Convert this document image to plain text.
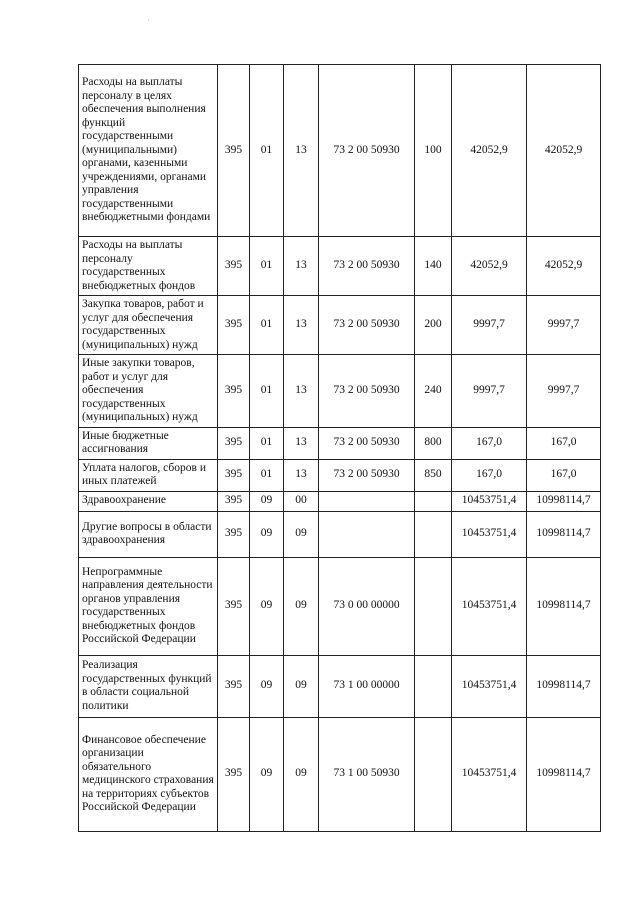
·
Расходы на выплаты персоналу в целях обеспечения выполнения функций государственными (муниципальными) органами, казенными учреждениями, органами управления государственными внебюджетными фондами	395	01	13	73 2 00 50930	100	42052,9	42052,9
Расходы на выплаты персоналу государственных внебюджетных фондов	395	01	13	73 2 00 50930	140	42052,9	42052,9
Закупка товаров, работ и услуг для обеспечения государственных (муниципальных) нужд	395	01	13	73 2 00 50930	200	9997,7	9997,7
Иные закупки товаров, работ и услуг для обеспечения государственных (муниципальных) нужд	395	01	13	73 2 00 50930	240	9997,7	9997,7
Иные бюджетные ассигнования	395	01	13	73 2 00 50930	800	167,0	167,0
Уплата налогов, сборов и иных платежей	395	01	13	73 2 00 50930	850	167,0	167,0
Здравоохранение	395	09	00			10453751,4	10998114,7
Другие вопросы в области здравоохранения	395	09	09			10453751,4	10998114,7
Непрограммные направления деятельности органов управления государственных внебюджетных фондов Российской Федерации	395	09	09	73 0 00 00000		10453751,4	10998114,7
Реализация государственных функций в области социальной политики	395	09	09	73 1 00 00000		10453751,4	10998114,7
Финансовое обеспечение организации обязательного медицинского страхования на территориях субъектов Российской Федерации	395	09	09	73 1 00 50930		10453751,4	10998114,7
